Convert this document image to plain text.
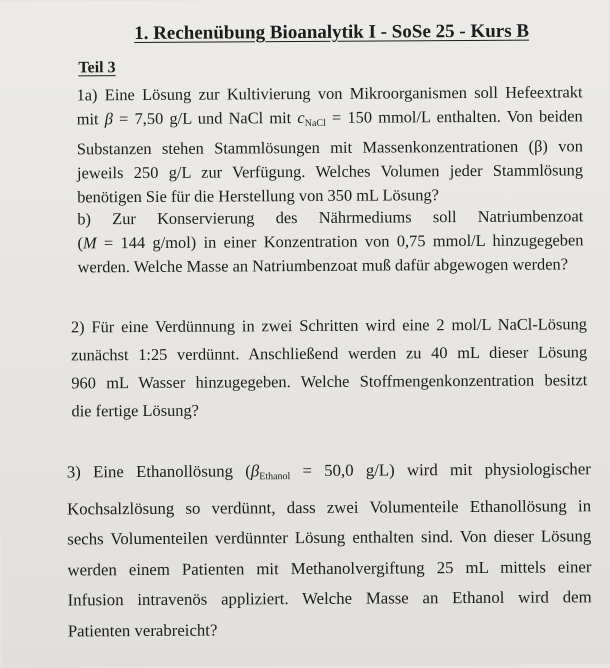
1. Rechenübung Bioanalytik I - SoSe 25 - Kurs B
Teil 3
1a) Eine Lösung zur Kultivierung von Mikroorganismen soll Hefeextrakt
mit β = 7,50 g/L und NaCl mit $c_{NaCl} = 150$ mmol/L enthalten. Von beiden
Substanzen stehen Stammlösungen mit Massenkonzentrationen (β) von
jeweils 250 g/L zur Verfügung. Welches Volumen jeder Stammlösung
benötigen Sie für die Herstellung von 350 mL Lösung?
b) Zur Konservierung des Nährmediums soll Natriumbenzoat
(M = 144 g/mol) in einer Konzentration von 0,75 mmol/L hinzugegeben
werden. Welche Masse an Natriumbenzoat muß dafür abgewogen werden?
2) Für eine Verdünnung in zwei Schritten wird eine 2 mol/L NaCl-Lösung
zunächst 1:25 verdünnt. Anschließend werden zu 40 mL dieser Lösung
960 mL Wasser hinzugegeben. Welche Stoffmengenkonzentration besitzt
die fertige Lösung?
3) Eine Ethanollösung ($\beta_{Ethanol} = 50,0$ g/L) wird mit physiologischer
Kochsalzlösung so verdünnt, dass zwei Volumenteile Ethanollösung in
sechs Volumenteilen verdünnter Lösung enthalten sind. Von dieser Lösung
werden einem Patienten mit Methanolvergiftung 25 mL mittels einer
Infusion intravenös appliziert. Welche Masse an Ethanol wird dem
Patienten verabreicht?
